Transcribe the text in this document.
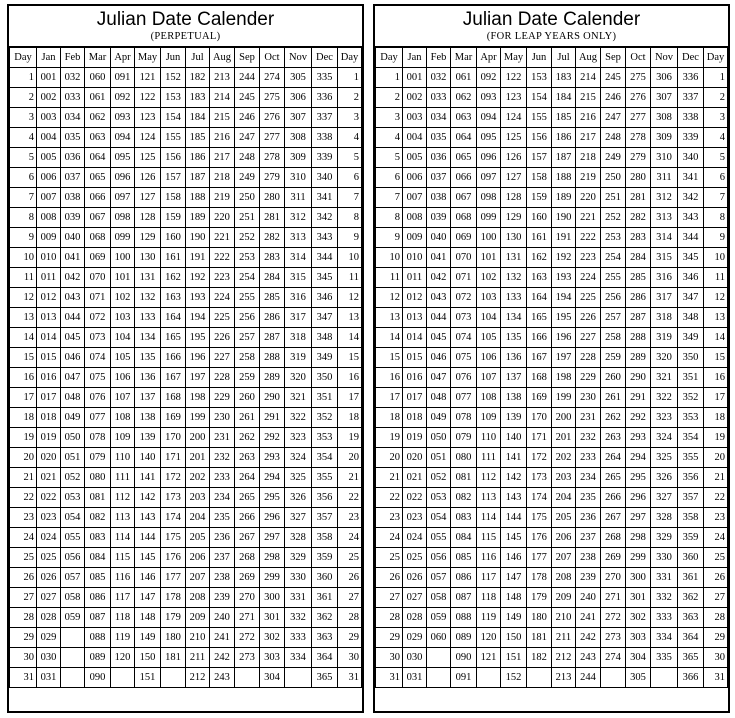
Julian Date Calender
(PERPETUAL)
Day	Jan	Feb	Mar	Apr	May	Jun	Jul	Aug	Sep	Oct	Nov	Dec	Day
1	001	032	060	091	121	152	182	213	244	274	305	335	1
2	002	033	061	092	122	153	183	214	245	275	306	336	2
3	003	034	062	093	123	154	184	215	246	276	307	337	3
4	004	035	063	094	124	155	185	216	247	277	308	338	4
5	005	036	064	095	125	156	186	217	248	278	309	339	5
6	006	037	065	096	126	157	187	218	249	279	310	340	6
7	007	038	066	097	127	158	188	219	250	280	311	341	7
8	008	039	067	098	128	159	189	220	251	281	312	342	8
9	009	040	068	099	129	160	190	221	252	282	313	343	9
10	010	041	069	100	130	161	191	222	253	283	314	344	10
11	011	042	070	101	131	162	192	223	254	284	315	345	11
12	012	043	071	102	132	163	193	224	255	285	316	346	12
13	013	044	072	103	133	164	194	225	256	286	317	347	13
14	014	045	073	104	134	165	195	226	257	287	318	348	14
15	015	046	074	105	135	166	196	227	258	288	319	349	15
16	016	047	075	106	136	167	197	228	259	289	320	350	16
17	017	048	076	107	137	168	198	229	260	290	321	351	17
18	018	049	077	108	138	169	199	230	261	291	322	352	18
19	019	050	078	109	139	170	200	231	262	292	323	353	19
20	020	051	079	110	140	171	201	232	263	293	324	354	20
21	021	052	080	111	141	172	202	233	264	294	325	355	21
22	022	053	081	112	142	173	203	234	265	295	326	356	22
23	023	054	082	113	143	174	204	235	266	296	327	357	23
24	024	055	083	114	144	175	205	236	267	297	328	358	24
25	025	056	084	115	145	176	206	237	268	298	329	359	25
26	026	057	085	116	146	177	207	238	269	299	330	360	26
27	027	058	086	117	147	178	208	239	270	300	331	361	27
28	028	059	087	118	148	179	209	240	271	301	332	362	28
29	029		088	119	149	180	210	241	272	302	333	363	29
30	030		089	120	150	181	211	242	273	303	334	364	30
31	031		090		151		212	243		304		365	31
Julian Date Calender
(FOR LEAP YEARS ONLY)
Day	Jan	Feb	Mar	Apr	May	Jun	Jul	Aug	Sep	Oct	Nov	Dec	Day
1	001	032	061	092	122	153	183	214	245	275	306	336	1
2	002	033	062	093	123	154	184	215	246	276	307	337	2
3	003	034	063	094	124	155	185	216	247	277	308	338	3
4	004	035	064	095	125	156	186	217	248	278	309	339	4
5	005	036	065	096	126	157	187	218	249	279	310	340	5
6	006	037	066	097	127	158	188	219	250	280	311	341	6
7	007	038	067	098	128	159	189	220	251	281	312	342	7
8	008	039	068	099	129	160	190	221	252	282	313	343	8
9	009	040	069	100	130	161	191	222	253	283	314	344	9
10	010	041	070	101	131	162	192	223	254	284	315	345	10
11	011	042	071	102	132	163	193	224	255	285	316	346	11
12	012	043	072	103	133	164	194	225	256	286	317	347	12
13	013	044	073	104	134	165	195	226	257	287	318	348	13
14	014	045	074	105	135	166	196	227	258	288	319	349	14
15	015	046	075	106	136	167	197	228	259	289	320	350	15
16	016	047	076	107	137	168	198	229	260	290	321	351	16
17	017	048	077	108	138	169	199	230	261	291	322	352	17
18	018	049	078	109	139	170	200	231	262	292	323	353	18
19	019	050	079	110	140	171	201	232	263	293	324	354	19
20	020	051	080	111	141	172	202	233	264	294	325	355	20
21	021	052	081	112	142	173	203	234	265	295	326	356	21
22	022	053	082	113	143	174	204	235	266	296	327	357	22
23	023	054	083	114	144	175	205	236	267	297	328	358	23
24	024	055	084	115	145	176	206	237	268	298	329	359	24
25	025	056	085	116	146	177	207	238	269	299	330	360	25
26	026	057	086	117	147	178	208	239	270	300	331	361	26
27	027	058	087	118	148	179	209	240	271	301	332	362	27
28	028	059	088	119	149	180	210	241	272	302	333	363	28
29	029	060	089	120	150	181	211	242	273	303	334	364	29
30	030		090	121	151	182	212	243	274	304	335	365	30
31	031		091		152		213	244		305		366	31
